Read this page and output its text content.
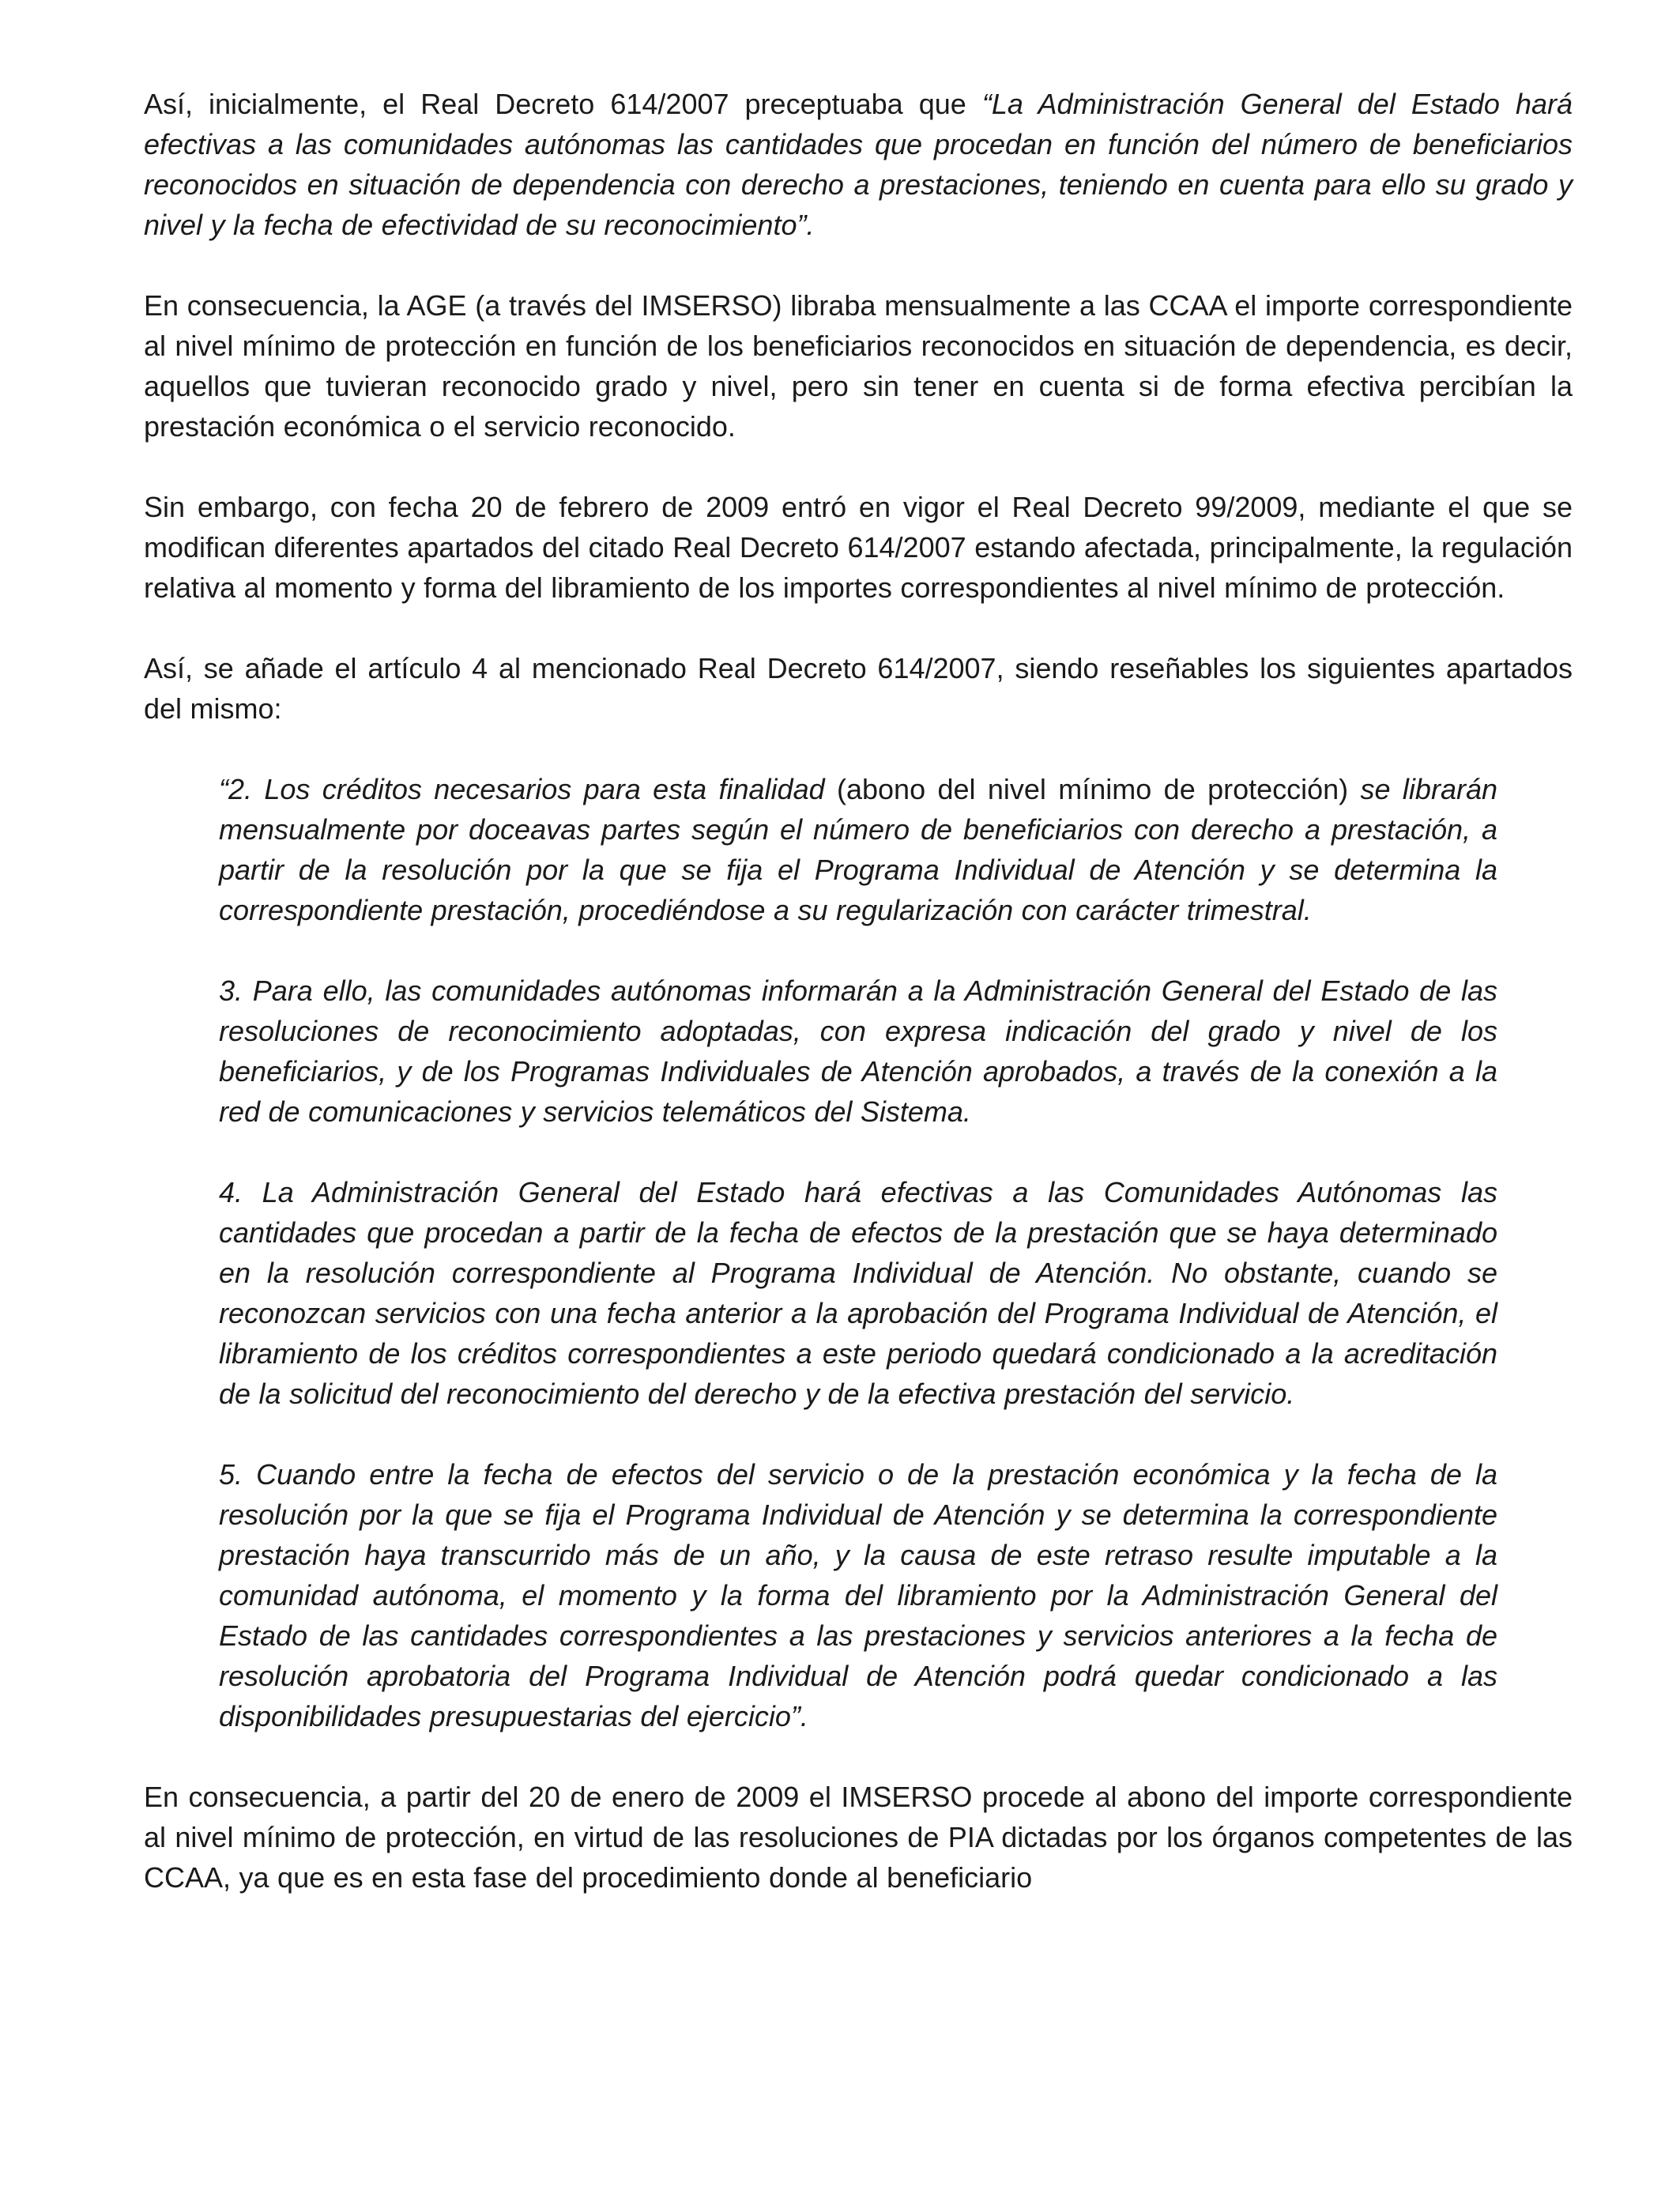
Así, inicialmente, el Real Decreto 614/2007 preceptuaba que “La Administración General del Estado hará efectivas a las comunidades autónomas las cantidades que procedan en función del número de beneficiarios reconocidos en situación de dependencia con derecho a prestaciones, teniendo en cuenta para ello su grado y nivel y la fecha de efectividad de su reconocimiento”.

En consecuencia, la AGE (a través del IMSERSO) libraba mensualmente a las CCAA el importe correspondiente al nivel mínimo de protección en función de los beneficiarios reconocidos en situación de dependencia, es decir, aquellos que tuvieran reconocido grado y nivel, pero sin tener en cuenta si de forma efectiva percibían la prestación económica o el servicio reconocido.

Sin embargo, con fecha 20 de febrero de 2009 entró en vigor el Real Decreto 99/2009, mediante el que se modifican diferentes apartados del citado Real Decreto 614/2007 estando afectada, principalmente, la regulación relativa al momento y forma del libramiento de los importes correspondientes al nivel mínimo de protección.

Así, se añade el artículo 4 al mencionado Real Decreto 614/2007, siendo reseñables los siguientes apartados del mismo:

“2. Los créditos necesarios para esta finalidad (abono del nivel mínimo de protección) se librarán mensualmente por doceavas partes según el número de beneficiarios con derecho a prestación, a partir de la resolución por la que se fija el Programa Individual de Atención y se determina la correspondiente prestación, procediéndose a su regularización con carácter trimestral.

3. Para ello, las comunidades autónomas informarán a la Administración General del Estado de las resoluciones de reconocimiento adoptadas, con expresa indicación del grado y nivel de los beneficiarios, y de los Programas Individuales de Atención aprobados, a través de la conexión a la red de comunicaciones y servicios telemáticos del Sistema.

4. La Administración General del Estado hará efectivas a las Comunidades Autónomas las cantidades que procedan a partir de la fecha de efectos de la prestación que se haya determinado en la resolución correspondiente al Programa Individual de Atención. No obstante, cuando se reconozcan servicios con una fecha anterior a la aprobación del Programa Individual de Atención, el libramiento de los créditos correspondientes a este periodo quedará condicionado a la acreditación de la solicitud del reconocimiento del derecho y de la efectiva prestación del servicio.

5. Cuando entre la fecha de efectos del servicio o de la prestación económica y la fecha de la resolución por la que se fija el Programa Individual de Atención y se determina la correspondiente prestación haya transcurrido más de un año, y la causa de este retraso resulte imputable a la comunidad autónoma, el momento y la forma del libramiento por la Administración General del Estado de las cantidades correspondientes a las prestaciones y servicios anteriores a la fecha de resolución aprobatoria del Programa Individual de Atención podrá quedar condicionado a las disponibilidades presupuestarias del ejercicio”.

En consecuencia, a partir del 20 de enero de 2009 el IMSERSO procede al abono del importe correspondiente al nivel mínimo de protección, en virtud de las resoluciones de PIA dictadas por los órganos competentes de las CCAA, ya que es en esta fase del procedimiento donde al beneficiario
